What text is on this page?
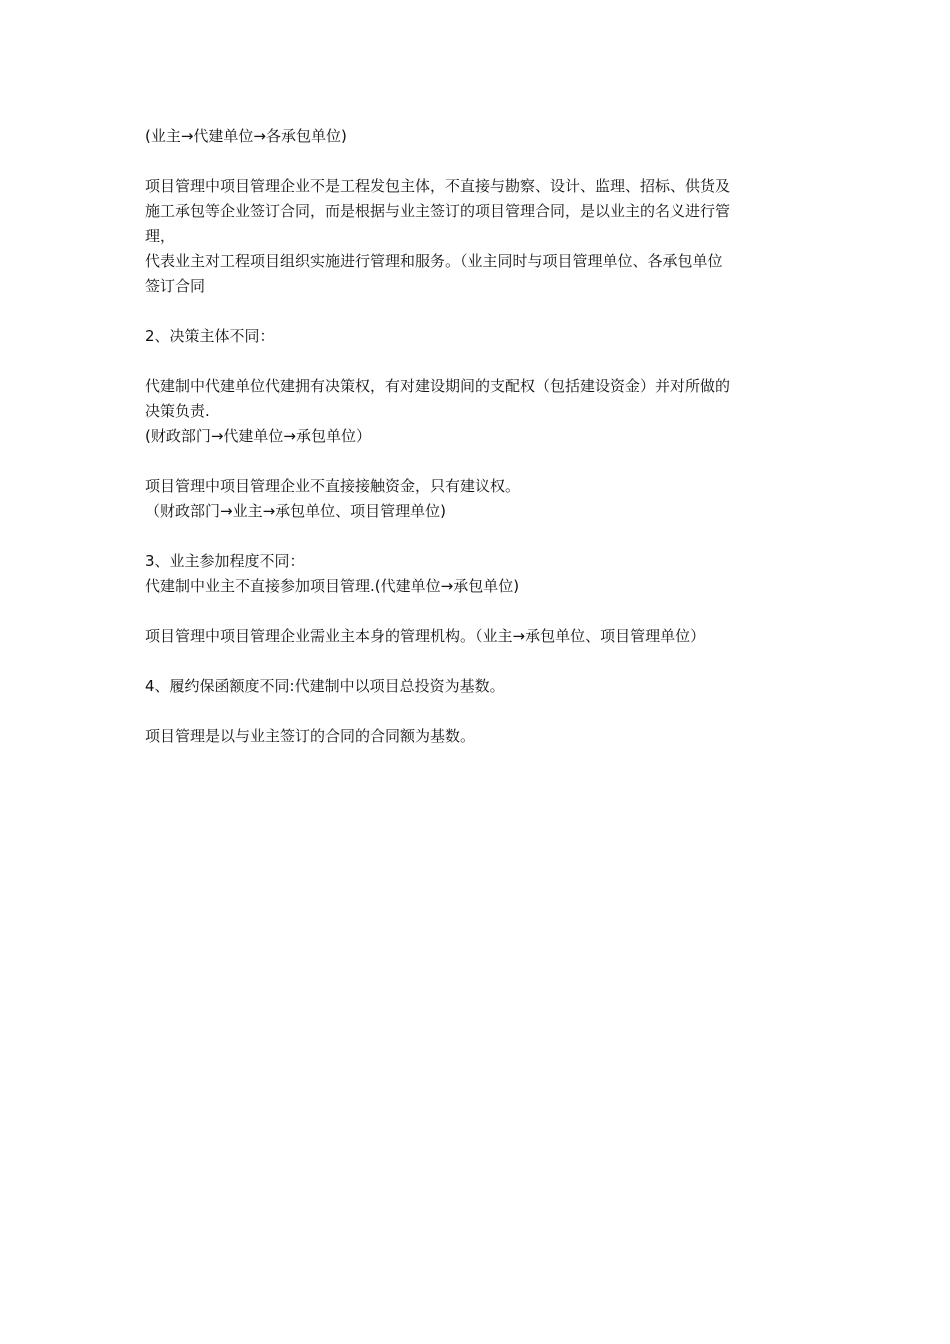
(业主→代建单位→各承包单位)

项目管理中项目管理企业不是工程发包主体，不直接与勘察、设计、监理、招标、供货及
施工承包等企业签订合同，而是根据与业主签订的项目管理合同，是以业主的名义进行管
理，
代表业主对工程项目组织实施进行管理和服务。（业主同时与项目管理单位、各承包单位
签订合同

2、决策主体不同：

代建制中代建单位代建拥有决策权，有对建设期间的支配权（包括建设资金）并对所做的
决策负责.
(财政部门→代建单位→承包单位）

项目管理中项目管理企业不直接接触资金，只有建议权。
（财政部门→业主→承包单位、项目管理单位)

3、业主参加程度不同：
代建制中业主不直接参加项目管理.(代建单位→承包单位)

项目管理中项目管理企业需业主本身的管理机构。（业主→承包单位、项目管理单位）

4、履约保函额度不同:代建制中以项目总投资为基数。

项目管理是以与业主签订的合同的合同额为基数。
